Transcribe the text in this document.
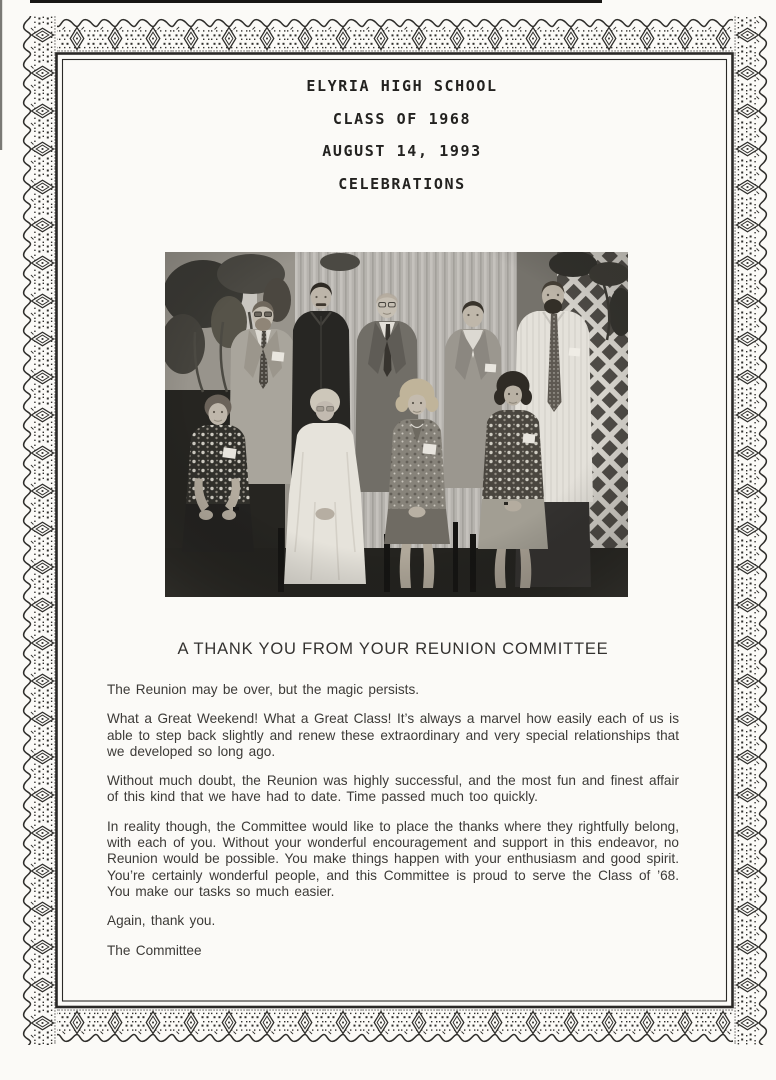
ELYRIA HIGH SCHOOL
CLASS OF 1968
AUGUST 14, 1993
CELEBRATIONS
A THANK YOU FROM YOUR REUNION COMMITTEE

The Reunion may be over, but the magic persists.

What a Great Weekend! What a Great Class! It’s always a marvel how easily each of us is able to step back slightly and renew these extraordinary and very special relationships that we developed so long ago.

Without much doubt, the Reunion was highly successful, and the most fun and finest affair of this kind that we have had to date. Time passed much too quickly.

In reality though, the Committee would like to place the thanks where they rightfully belong, with each of you. Without your wonderful encouragement and support in this endeavor, no Reunion would be possible. You make things happen with your enthusiasm and good spirit. You’re certainly wonderful people, and this Committee is proud to serve the Class of ’68. You make our tasks so much easier.

Again, thank you.

The Committee
